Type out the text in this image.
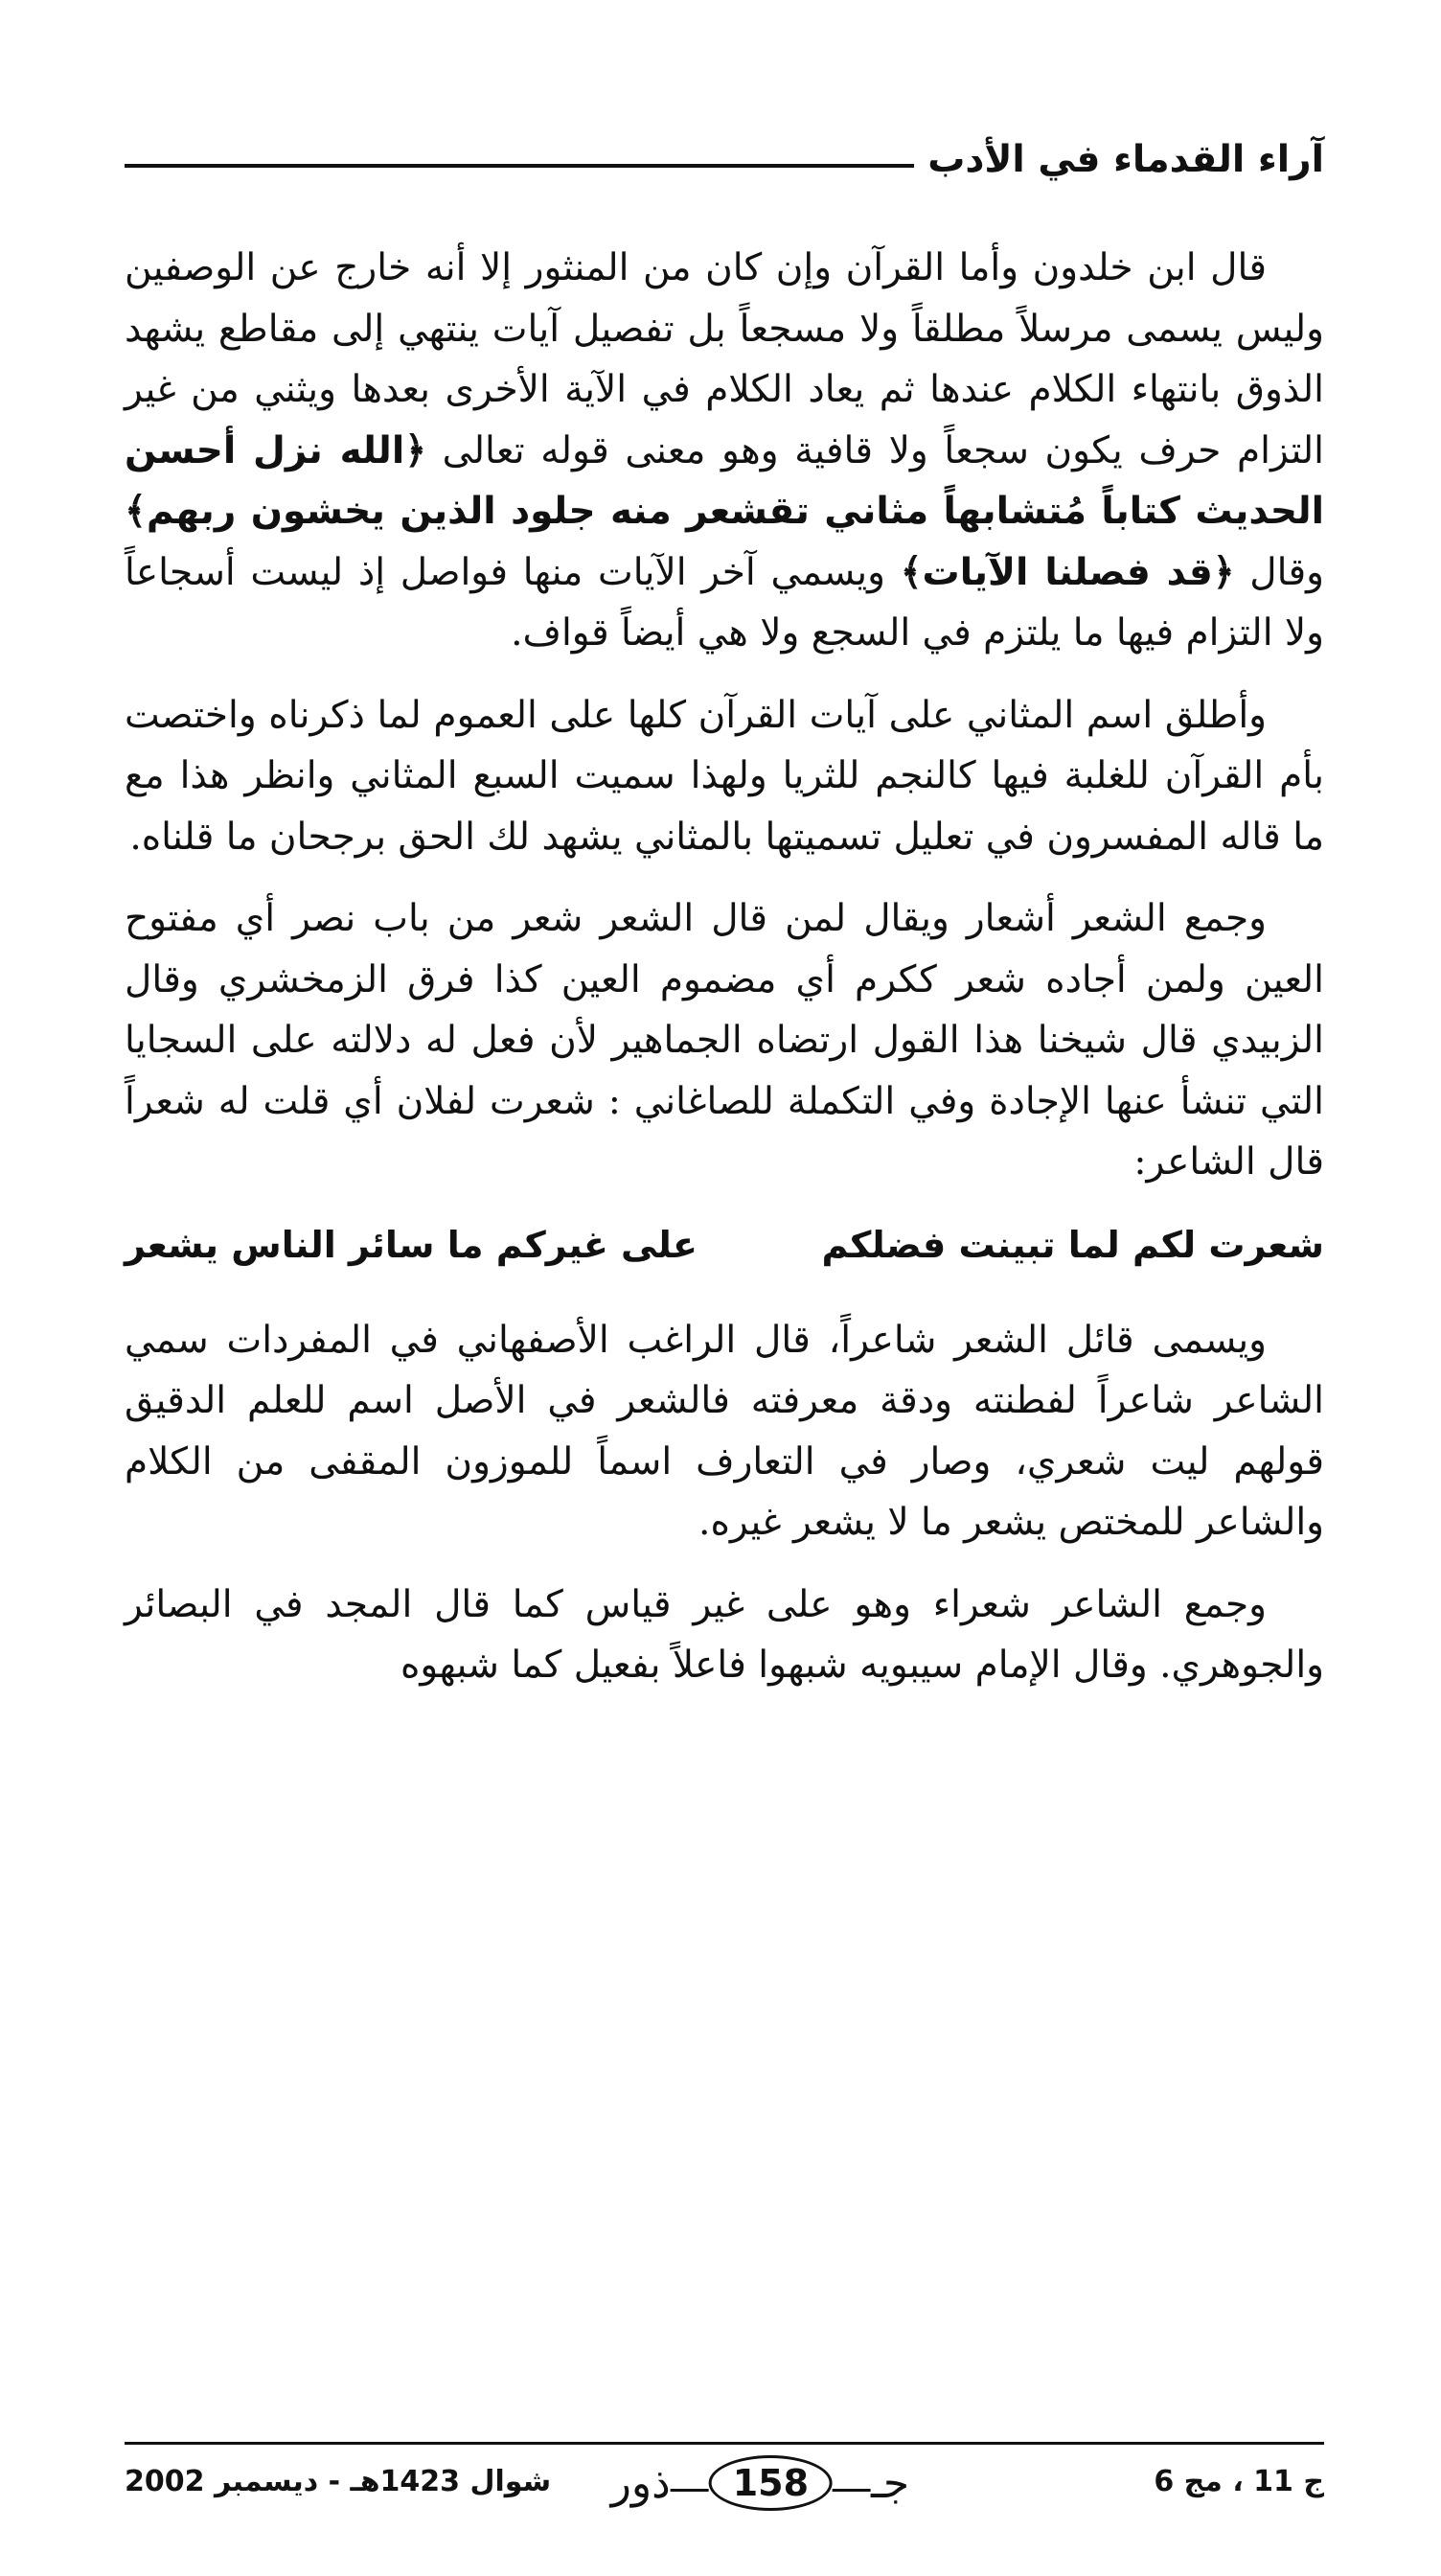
آراء القدماء في الأدب

قال ابن خلدون وأما القرآن وإن كان من المنثور إلا أنه خارج عن الوصفين وليس يسمى مرسلاً مطلقاً ولا مسجعاً بل تفصيل آيات ينتهي إلى مقاطع يشهد الذوق بانتهاء الكلام عندها ثم يعاد الكلام في الآية الأخرى بعدها ويثني من غير التزام حرف يكون سجعاً ولا قافية وهو معنى قوله تعالى ﴿الله نزل أحسن الحديث كتاباً مُتشابهاً مثاني تقشعر منه جلود الذين يخشون ربهم﴾ وقال ﴿قد فصلنا الآيات﴾ ويسمي آخر الآيات منها فواصل إذ ليست أسجاعاً ولا التزام فيها ما يلتزم في السجع ولا هي أيضاً قواف.

وأطلق اسم المثاني على آيات القرآن كلها على العموم لما ذكرناه واختصت بأم القرآن للغلبة فيها كالنجم للثريا ولهذا سميت السبع المثاني وانظر هذا مع ما قاله المفسرون في تعليل تسميتها بالمثاني يشهد لك الحق برجحان ما قلناه.

وجمع الشعر أشعار ويقال لمن قال الشعر شعر من باب نصر أي مفتوح العين ولمن أجاده شعر ككرم أي مضموم العين كذا فرق الزمخشري وقال الزبيدي قال شيخنا هذا القول ارتضاه الجماهير لأن فعل له دلالته على السجايا التي تنشأ عنها الإجادة وفي التكملة للصاغاني : شعرت لفلان أي قلت له شعراً قال الشاعر:

شعرت لكم لما تبينت فضلكم
على غيركم ما سائر الناس يشعر

ويسمى قائل الشعر شاعراً، قال الراغب الأصفهاني في المفردات سمي الشاعر شاعراً لفطنته ودقة معرفته فالشعر في الأصل اسم للعلم الدقيق قولهم ليت شعري، وصار في التعارف اسماً للموزون المقفى من الكلام والشاعر للمختص يشعر ما لا يشعر غيره.

وجمع الشاعر شعراء وهو على غير قياس كما قال المجد في البصائر والجوهري. وقال الإمام سيبويه شبهوا فاعلاً بفعيل كما شبهوه

ج 11 ، مج 6
ذور	158	جـ
شوال 1423هـ - ديسمبر 2002
